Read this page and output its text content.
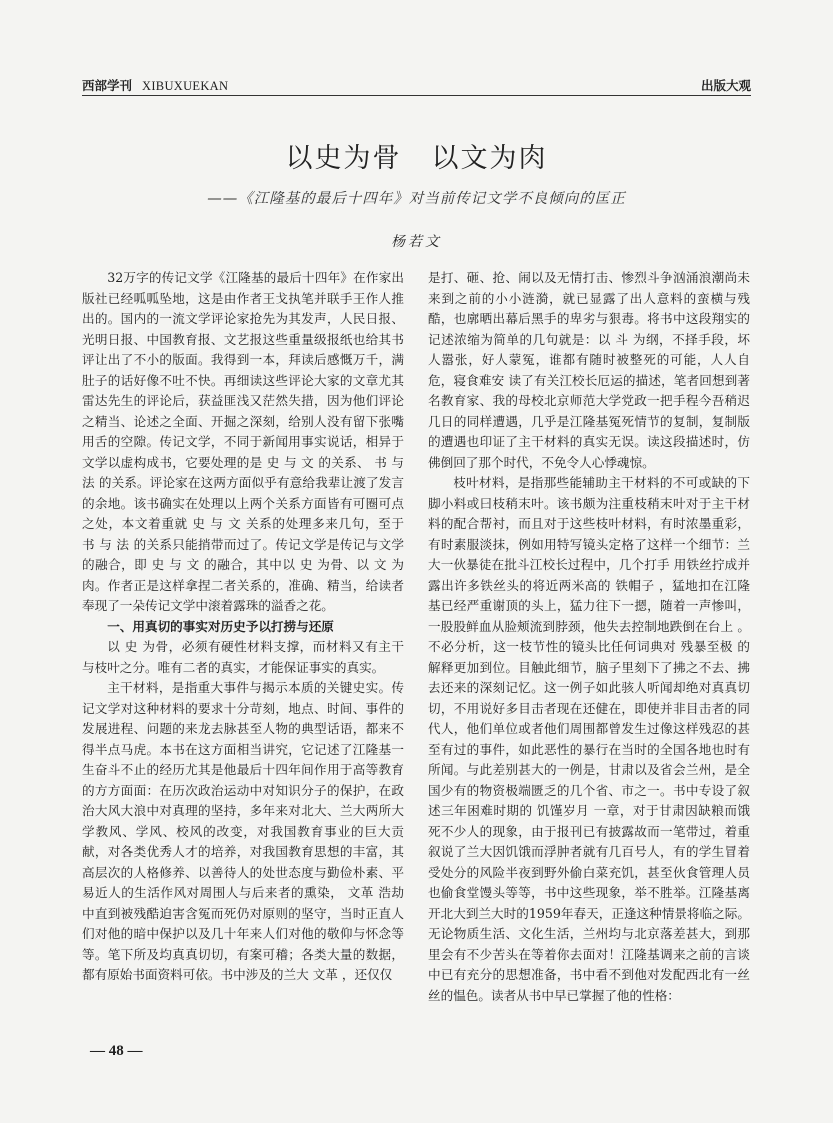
西部学刊 XIBUXUEKAN	出版大观
以史为骨 以文为肉
——《江隆基的最后十四年》对当前传记文学不良倾向的匡正
杨若文

32万字的传记文学《江隆基的最后十四年》在作家出版社已经呱呱坠地，这是由作者王戈执笔并联手王作人推出的。国内的一流文学评论家抢先为其发声，人民日报、光明日报、中国教育报、文艺报这些重量级报纸也给其书评让出了不小的版面。我得到一本，拜读后感慨万千，满肚子的话好像不吐不快。再细读这些评论大家的文章尤其雷达先生的评论后，获益匪浅又茫然失措，因为他们评论之精当、论述之全面、开掘之深刻，给别人没有留下张嘴用舌的空隙。传记文学，不同于新闻用事实说话，相异于文学以虚构成书，它要处理的是 史 与 文 的关系、 书 与 法 的关系。评论家在这两方面似乎有意给我辈让渡了发言的余地。该书确实在处理以上两个关系方面皆有可圈可点之处，本文着重就 史 与 文 关系的处理多来几句，至于 书 与 法 的关系只能捎带而过了。传记文学是传记与文学的融合，即 史 与 文 的融合，其中以 史 为骨、以 文 为肉。作者正是这样拿捏二者关系的，准确、精当，给读者奉现了一朵传记文学中滚着露珠的溢香之花。

一、用真切的事实对历史予以打捞与还原

以 史 为骨，必须有硬性材料支撑，而材料又有主干与枝叶之分。唯有二者的真实，才能保证事实的真实。

主干材料，是指重大事件与揭示本质的关键史实。传记文学对这种材料的要求十分苛刻，地点、时间、事件的发展进程、问题的来龙去脉甚至人物的典型话语，都来不得半点马虎。本书在这方面相当讲究，它记述了江隆基一生奋斗不止的经历尤其是他最后十四年间作用于高等教育的方方面面：在历次政治运动中对知识分子的保护，在政治大风大浪中对真理的坚持，多年来对北大、兰大两所大学教风、学风、校风的改变，对我国教育事业的巨大贡献，对各类优秀人才的培养，对我国教育思想的丰富，其高层次的人格修养、以善待人的处世态度与勤俭朴素、平易近人的生活作风对周围人与后来者的熏染， 文革 浩劫中直到被残酷迫害含冤而死仍对原则的坚守，当时正直人们对他的暗中保护以及几十年来人们对他的敬仰与怀念等等。笔下所及均真真切切，有案可稽；各类大量的数据，都有原始书面资料可依。书中涉及的兰大 文革 ，还仅仅

是打、砸、抢、闹以及无情打击、惨烈斗争汹涌浪潮尚未来到之前的小小涟漪，就已显露了出人意料的蛮横与残酷，也廓晒出幕后黑手的卑劣与狠毒。将书中这段翔实的记述浓缩为简单的几句就是：以 斗 为纲，不择手段，坏人嚣张，好人蒙冤，谁都有随时被整死的可能，人人自危，寝食难安 读了有关江校长厄运的描述，笔者回想到著名教育家、我的母校北京师范大学党政一把手程今吾稍迟几日的同样遭遇，几乎是江隆基冤死情节的复制，复制版的遭遇也印证了主干材料的真实无误。读这段描述时，仿佛倒回了那个时代，不免令人心悸魂惊。

枝叶材料，是指那些能辅助主干材料的不可或缺的下脚小料或曰枝稍末叶。该书颇为注重枝稍末叶对于主干材料的配合帮衬，而且对于这些枝叶材料，有时浓墨重彩，有时素服淡抹，例如用特写镜头定格了这样一个细节：兰大一伙暴徒在批斗江校长过程中，几个打手 用铁丝拧成并露出许多铁丝头的将近两米高的 铁帽子 ，猛地扣在江隆基已经严重谢顶的头上，猛力往下一摁，随着一声惨叫，一股股鲜血从脸颊流到脖颈，他失去控制地跌倒在台上 。不必分析，这一枝节性的镜头比任何词典对 残暴至极 的解释更加到位。目触此细节，脑子里刻下了拂之不去、拂去还来的深刻记忆。这一例子如此骇人听闻却绝对真真切切，不用说好多目击者现在还健在，即使并非目击者的同代人，他们单位或者他们周围都曾发生过像这样残忍的甚至有过的事件，如此恶性的暴行在当时的全国各地也时有所闻。与此差别甚大的一例是，甘肃以及省会兰州，是全国少有的物资极端匮乏的几个省、市之一。书中专设了叙述三年困难时期的 饥馑岁月 一章，对于甘肃因缺粮而饿死不少人的现象，由于报刊已有披露故而一笔带过，着重叙说了兰大因饥饿而浮肿者就有几百号人，有的学生冒着受处分的风险半夜到野外偷白菜充饥，甚至伙食管理人员也偷食堂馒头等等，书中这些现象，举不胜举。江隆基离开北大到兰大时的1959年春天，正逢这种情景将临之际。无论物质生活、文化生活，兰州均与北京落差甚大，到那里会有不少苦头在等着你去面对！江隆基调来之前的言谈中已有充分的思想准备，书中看不到他对发配西北有一丝丝的愠色。读者从书中早已掌握了他的性格：

— 48 —
